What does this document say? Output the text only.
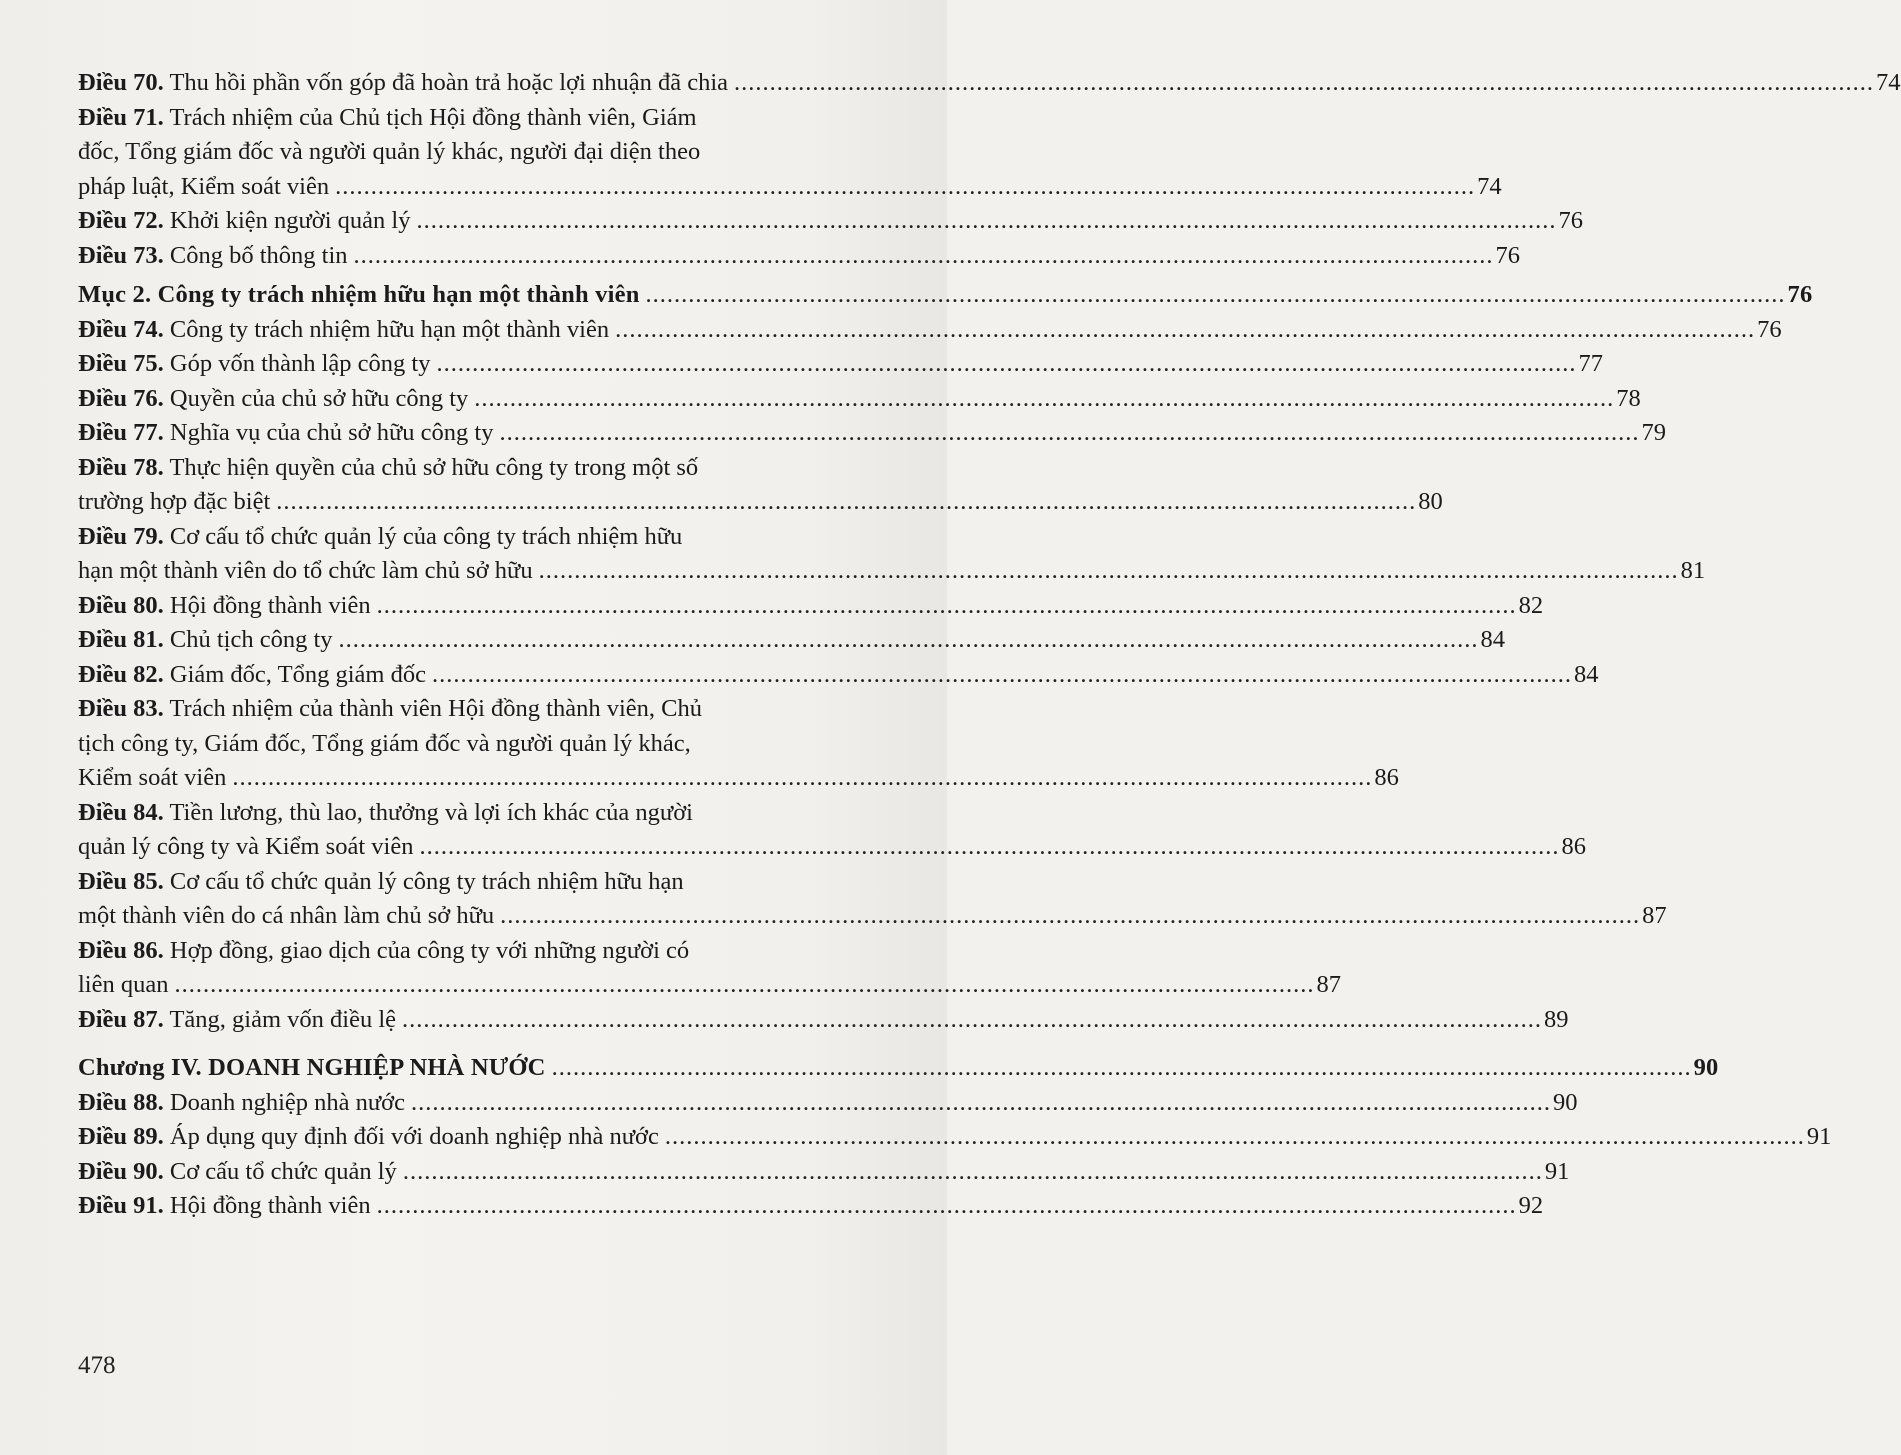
Điều 70. Thu hồi phần vốn góp đã hoàn trả hoặc lợi nhuận đã chia ................................................................................................................................................................ 74
Điều 71. Trách nhiệm của Chủ tịch Hội đồng thành viên, Giám
đốc, Tổng giám đốc và người quản lý khác, người đại diện theo
pháp luật, Kiểm soát viên ................................................................................................................................................................ 74
Điều 72. Khởi kiện người quản lý ................................................................................................................................................................ 76
Điều 73. Công bố thông tin ................................................................................................................................................................ 76
Mục 2. Công ty trách nhiệm hữu hạn một thành viên ................................................................................................................................................................ 76
Điều 74. Công ty trách nhiệm hữu hạn một thành viên ................................................................................................................................................................ 76
Điều 75. Góp vốn thành lập công ty ................................................................................................................................................................ 77
Điều 76. Quyền của chủ sở hữu công ty ................................................................................................................................................................ 78
Điều 77. Nghĩa vụ của chủ sở hữu công ty ................................................................................................................................................................ 79
Điều 78. Thực hiện quyền của chủ sở hữu công ty trong một số
trường hợp đặc biệt ................................................................................................................................................................ 80
Điều 79. Cơ cấu tổ chức quản lý của công ty trách nhiệm hữu
hạn một thành viên do tổ chức làm chủ sở hữu ................................................................................................................................................................ 81
Điều 80. Hội đồng thành viên ................................................................................................................................................................ 82
Điều 81. Chủ tịch công ty ................................................................................................................................................................ 84
Điều 82. Giám đốc, Tổng giám đốc ................................................................................................................................................................ 84
Điều 83. Trách nhiệm của thành viên Hội đồng thành viên, Chủ
tịch công ty, Giám đốc, Tổng giám đốc và người quản lý khác,
Kiểm soát viên ................................................................................................................................................................ 86
Điều 84. Tiền lương, thù lao, thưởng và lợi ích khác của người
quản lý công ty và Kiểm soát viên ................................................................................................................................................................ 86
Điều 85. Cơ cấu tổ chức quản lý công ty trách nhiệm hữu hạn
một thành viên do cá nhân làm chủ sở hữu ................................................................................................................................................................ 87
Điều 86. Hợp đồng, giao dịch của công ty với những người có
liên quan ................................................................................................................................................................ 87
Điều 87. Tăng, giảm vốn điều lệ ................................................................................................................................................................ 89
Chương IV. DOANH NGHIỆP NHÀ NƯỚC ................................................................................................................................................................ 90
Điều 88. Doanh nghiệp nhà nước ................................................................................................................................................................ 90
Điều 89. Áp dụng quy định đối với doanh nghiệp nhà nước ................................................................................................................................................................ 91
Điều 90. Cơ cấu tổ chức quản lý ................................................................................................................................................................ 91
Điều 91. Hội đồng thành viên ................................................................................................................................................................ 92
478
